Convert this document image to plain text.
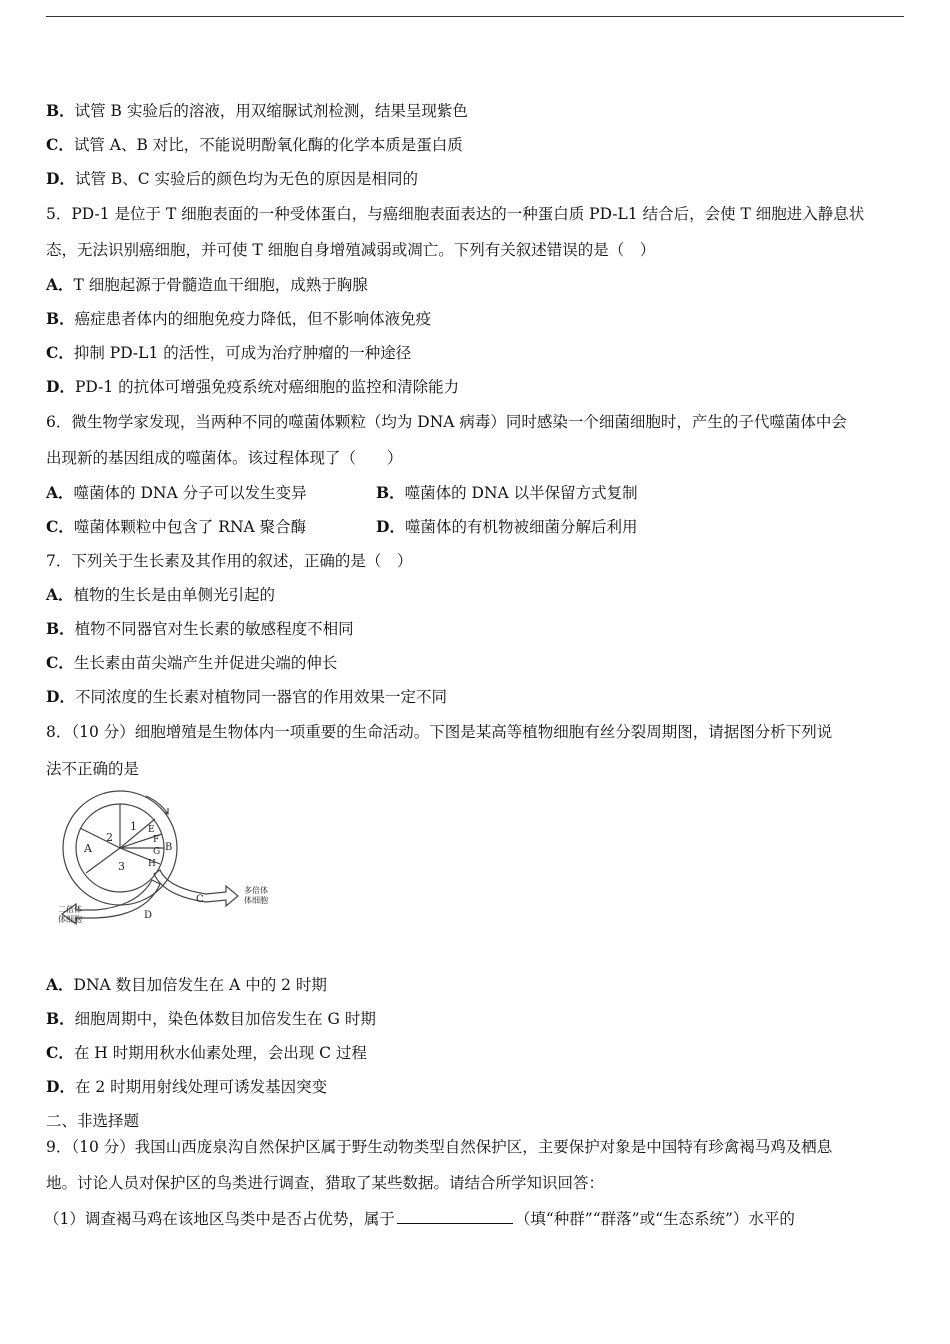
B．试管 B 实验后的溶液，用双缩脲试剂检测，结果呈现紫色
C．试管 A、B 对比，不能说明酚氧化酶的化学本质是蛋白质
D．试管 B、C 实验后的颜色均为无色的原因是相同的
5．PD-1 是位于 T 细胞表面的一种受体蛋白，与癌细胞表面表达的一种蛋白质 PD-L1 结合后，会使 T 细胞进入静息状
态，无法识别癌细胞，并可使 T 细胞自身增殖减弱或凋亡。下列有关叙述错误的是（　）
A．T 细胞起源于骨髓造血干细胞，成熟于胸腺
B．癌症患者体内的细胞免疫力降低，但不影响体液免疫
C．抑制 PD-L1 的活性，可成为治疗肿瘤的一种途径
D．PD-1 的抗体可增强免疫系统对癌细胞的监控和清除能力
6．微生物学家发现，当两种不同的噬菌体颗粒（均为 DNA 病毒）同时感染一个细菌细胞时，产生的子代噬菌体中会
出现新的基因组成的噬菌体。该过程体现了（　　）
A．噬菌体的 DNA 分子可以发生变异	B．噬菌体的 DNA 以半保留方式复制
C．噬菌体颗粒中包含了 RNA 聚合酶	D．噬菌体的有机物被细菌分解后利用
7．下列关于生长素及其作用的叙述，正确的是（　）
A．植物的生长是由单侧光引起的
B．植物不同器官对生长素的敏感程度不相同
C．生长素由苗尖端产生并促进尖端的伸长
D．不同浓度的生长素对植物同一器官的作用效果一定不同
8．（10 分）细胞增殖是生物体内一项重要的生命活动。下图是某高等植物细胞有丝分裂周期图，请据图分析下列说
法不正确的是
A
2
1
3
E
F
G
H
B
C
D
多倍体
体细胞
二倍体
体细胞
A．DNA 数目加倍发生在 A 中的 2 时期
B．细胞周期中，染色体数目加倍发生在 G 时期
C．在 H 时期用秋水仙素处理，会出现 C 过程
D．在 2 时期用射线处理可诱发基因突变
二、非选择题
9．（10 分）我国山西庞泉沟自然保护区属于野生动物类型自然保护区，主要保护对象是中国特有珍禽褐马鸡及栖息
地。讨论人员对保护区的鸟类进行调查，猎取了某些数据。请结合所学知识回答：
（1）调查褐马鸡在该地区鸟类中是否占优势，属于	（填“种群”“群落”或“生态系统”）水平的
